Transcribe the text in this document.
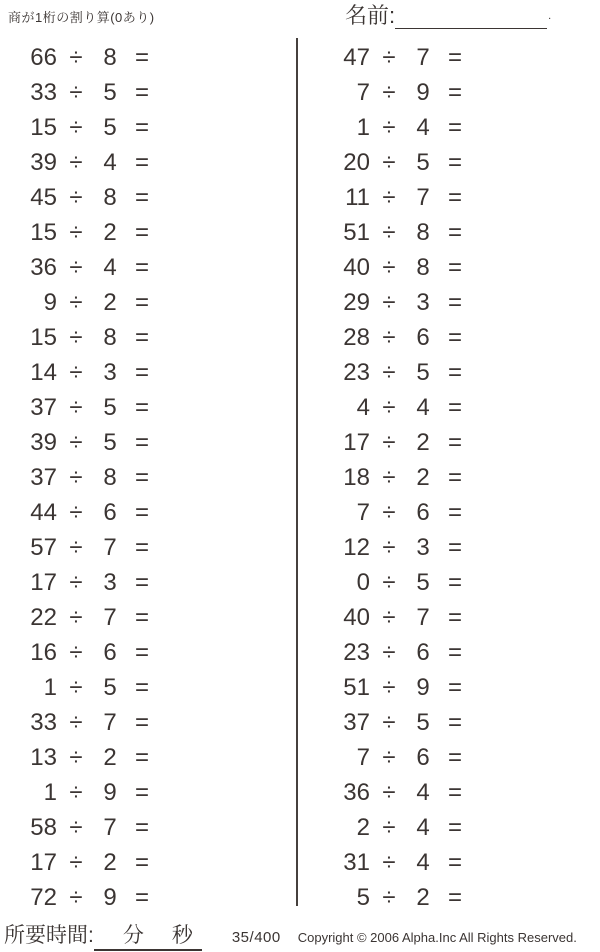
商が1桁の割り算(0あり)	名前:	.
66 ÷ 8 =
33 ÷ 5 =
15 ÷ 5 =
39 ÷ 4 =
45 ÷ 8 =
15 ÷ 2 =
36 ÷ 4 =
9 ÷ 2 =
15 ÷ 8 =
14 ÷ 3 =
37 ÷ 5 =
39 ÷ 5 =
37 ÷ 8 =
44 ÷ 6 =
57 ÷ 7 =
17 ÷ 3 =
22 ÷ 7 =
16 ÷ 6 =
1 ÷ 5 =
33 ÷ 7 =
13 ÷ 2 =
1 ÷ 9 =
58 ÷ 7 =
17 ÷ 2 =
72 ÷ 9 =
47 ÷ 7 =
7 ÷ 9 =
1 ÷ 4 =
20 ÷ 5 =
11 ÷ 7 =
51 ÷ 8 =
40 ÷ 8 =
29 ÷ 3 =
28 ÷ 6 =
23 ÷ 5 =
4 ÷ 4 =
17 ÷ 2 =
18 ÷ 2 =
7 ÷ 6 =
12 ÷ 3 =
0 ÷ 5 =
40 ÷ 7 =
23 ÷ 6 =
51 ÷ 9 =
37 ÷ 5 =
7 ÷ 6 =
36 ÷ 4 =
2 ÷ 4 =
31 ÷ 4 =
5 ÷ 2 =
所要時間:	分 秒	35/400 Copyright © 2006 Alpha.Inc All Rights Reserved.
